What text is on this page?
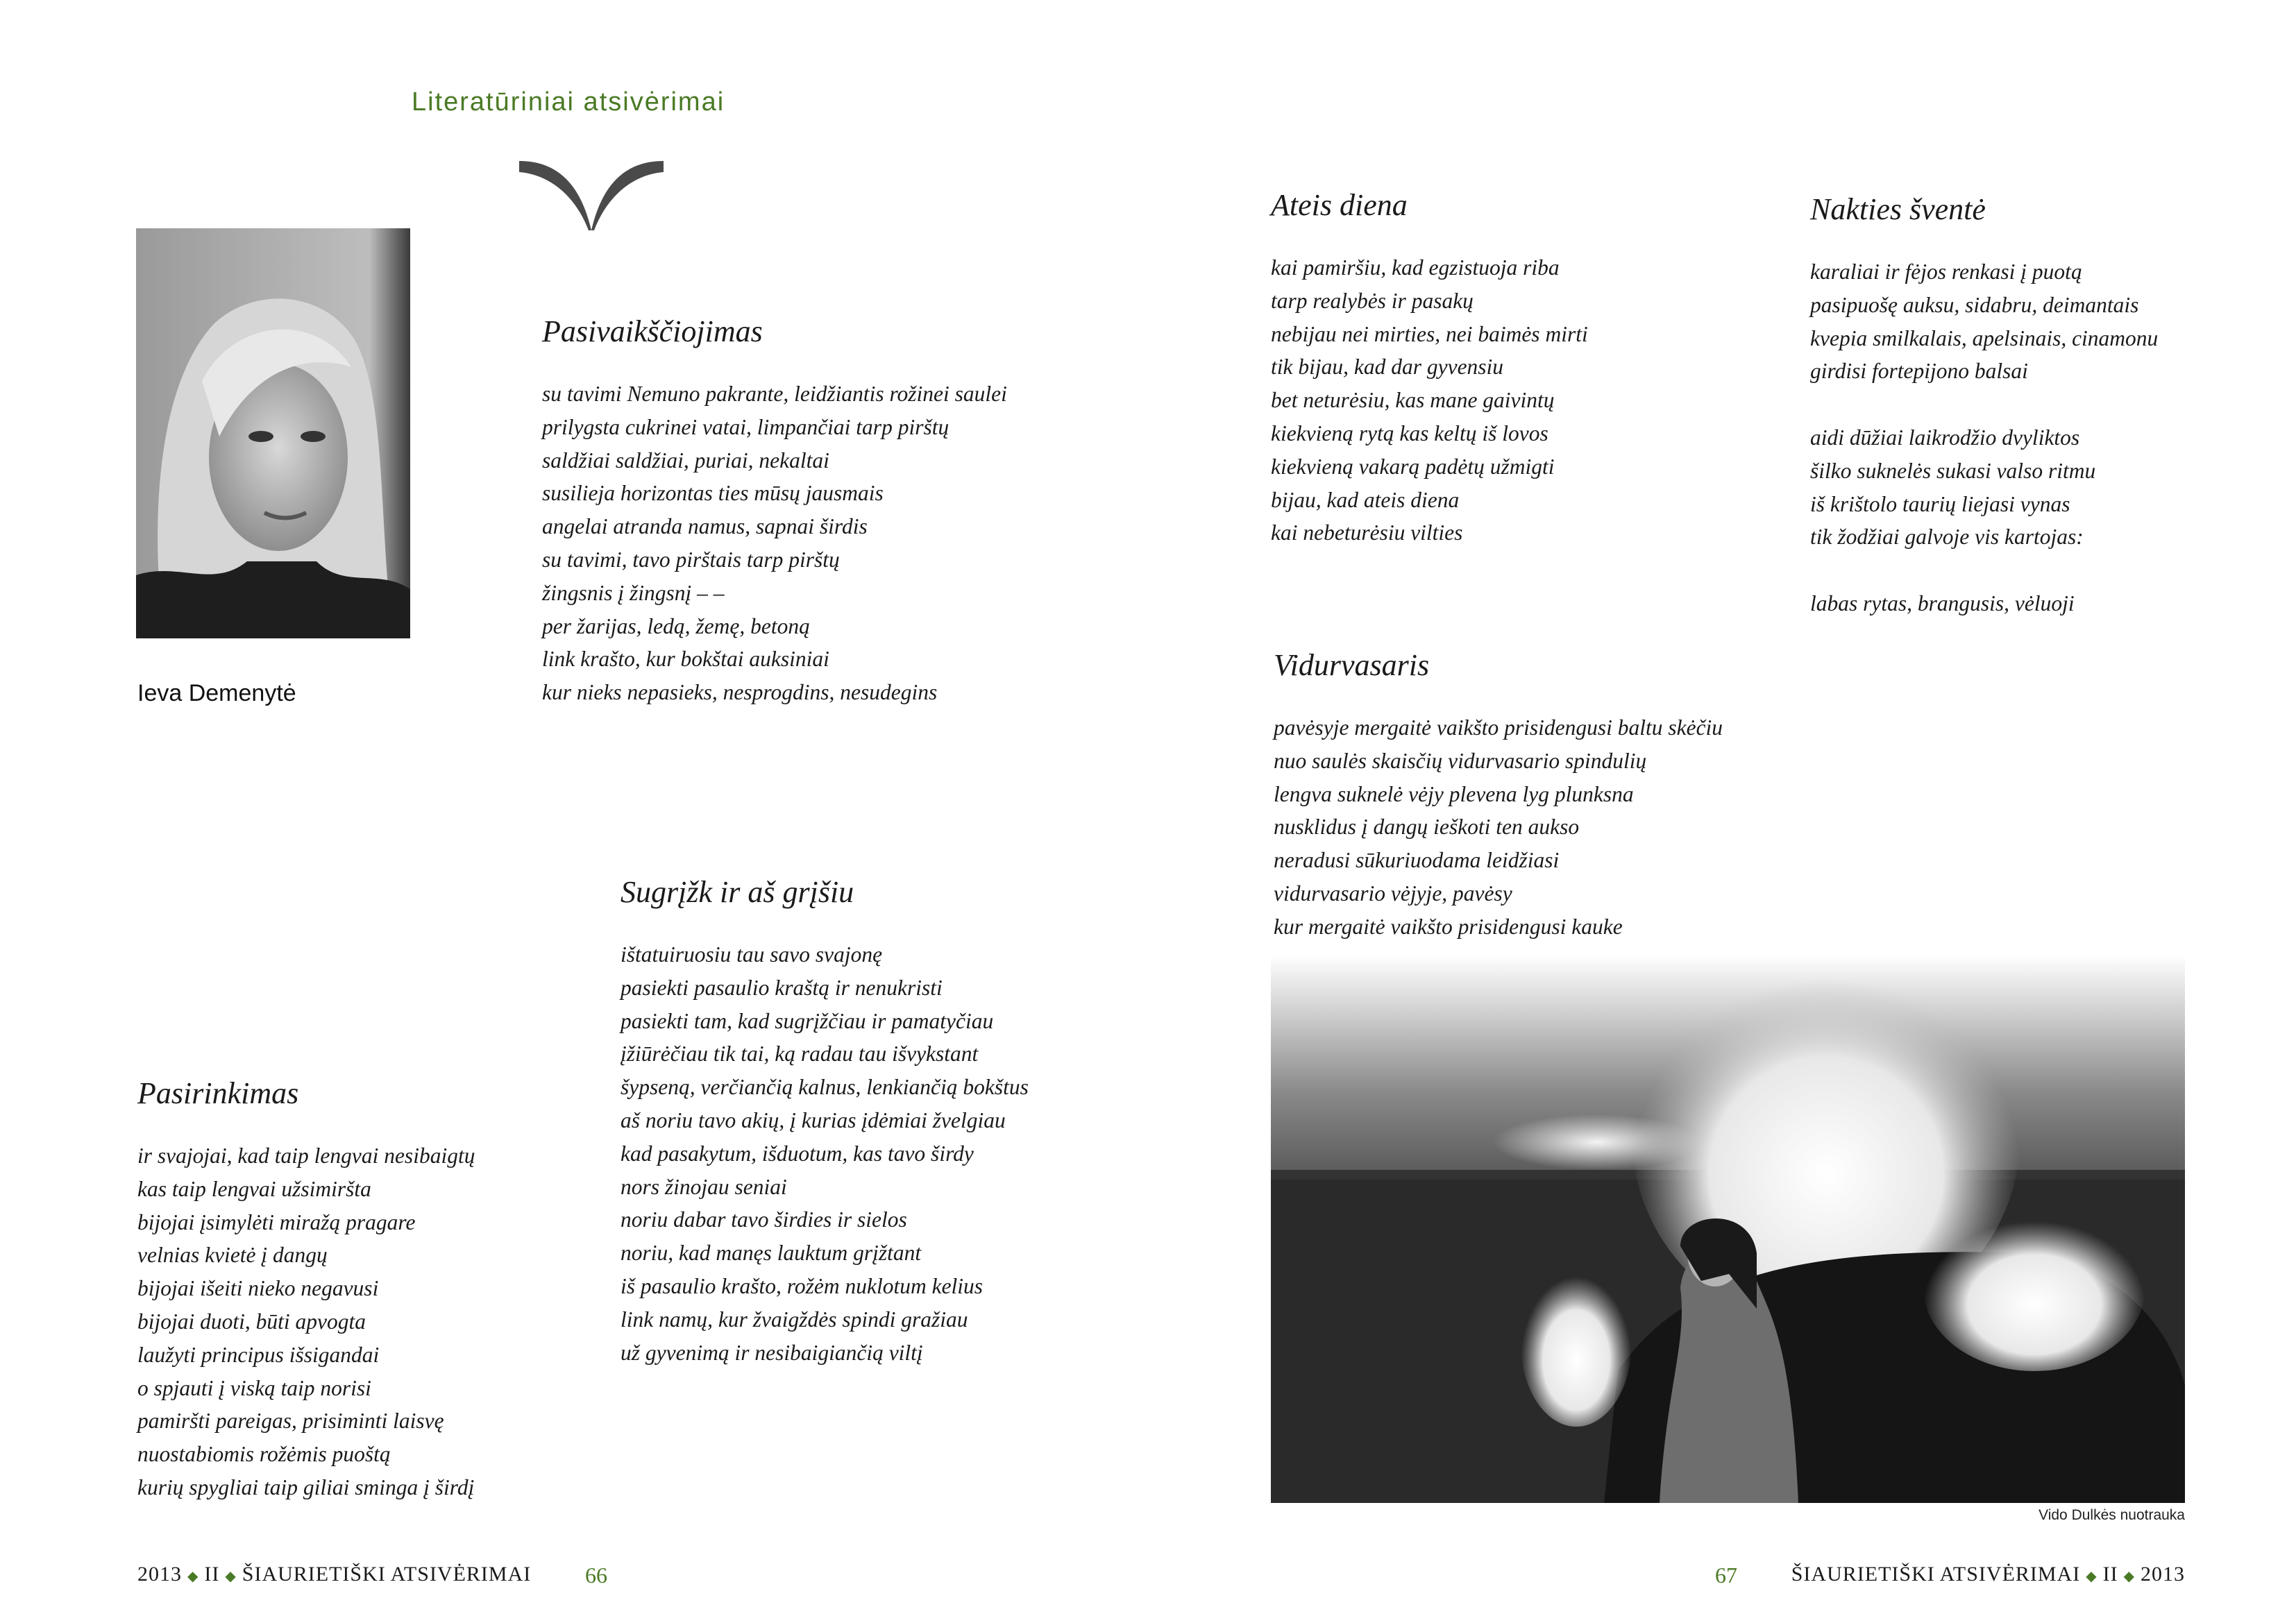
Literatūriniai atsivėrimai
Ieva Demenytė
Pasivaikščiojimas
su tavimi Nemuno pakrante, leidžiantis rožinei saulei
prilygsta cukrinei vatai, limpančiai tarp pirštų
saldžiai saldžiai, puriai, nekaltai
susilieja horizontas ties mūsų jausmais
angelai atranda namus, sapnai širdis
su tavimi, tavo pirštais tarp pirštų
žingsnis į žingsnį – –
per žarijas, ledą, žemę, betoną
link krašto, kur bokštai auksiniai
kur nieks nepasieks, nesprogdins, nesudegins
Sugrįžk ir aš grįšiu
ištatuiruosiu tau savo svajonę
pasiekti pasaulio kraštą ir nenukristi
pasiekti tam, kad sugrįžčiau ir pamatyčiau
įžiūrėčiau tik tai, ką radau tau išvykstant
šypseną, verčiančią kalnus, lenkiančią bokštus
aš noriu tavo akių, į kurias įdėmiai žvelgiau
kad pasakytum, išduotum, kas tavo širdy
nors žinojau seniai
noriu dabar tavo širdies ir sielos
noriu, kad manęs lauktum grįžtant
iš pasaulio krašto, rožėm nuklotum kelius
link namų, kur žvaigždės spindi gražiau
už gyvenimą ir nesibaigiančią viltį
Pasirinkimas
ir svajojai, kad taip lengvai nesibaigtų
kas taip lengvai užsimiršta
bijojai įsimylėti miražą pragare
velnias kvietė į dangų
bijojai išeiti nieko negavusi
bijojai duoti, būti apvogta
laužyti principus išsigandai
o spjauti į viską taip norisi
pamiršti pareigas, prisiminti laisvę
nuostabiomis rožėmis puoštą
kurių spygliai taip giliai sminga į širdį
Ateis diena
kai pamiršiu, kad egzistuoja riba
tarp realybės ir pasakų
nebijau nei mirties, nei baimės mirti
tik bijau, kad dar gyvensiu
bet neturėsiu, kas mane gaivintų
kiekvieną rytą kas keltų iš lovos
kiekvieną vakarą padėtų užmigti
bijau, kad ateis diena
kai nebeturėsiu vilties
Nakties šventė
karaliai ir fėjos renkasi į puotą
pasipuošę auksu, sidabru, deimantais
kvepia smilkalais, apelsinais, cinamonu
girdisi fortepijono balsai
aidi dūžiai laikrodžio dvyliktos
šilko suknelės sukasi valso ritmu
iš krištolo taurių liejasi vynas
tik žodžiai galvoje vis kartojas:
labas rytas, brangusis, vėluoji
Vidurvasaris
pavėsyje mergaitė vaikšto prisidengusi baltu skėčiu
nuo saulės skaisčių vidurvasario spindulių
lengva suknelė vėjy plevena lyg plunksna
nusklidus į dangų ieškoti ten aukso
neradusi sūkuriuodama leidžiasi
vidurvasario vėjyje, pavėsy
kur mergaitė vaikšto prisidengusi kauke
Vido Dulkės nuotrauka
2013 ◆ II ◆ ŠIAURIETIŠKI ATSIVĖRIMAI 66	67	ŠIAURIETIŠKI ATSIVĖRIMAI ◆ II ◆ 2013
